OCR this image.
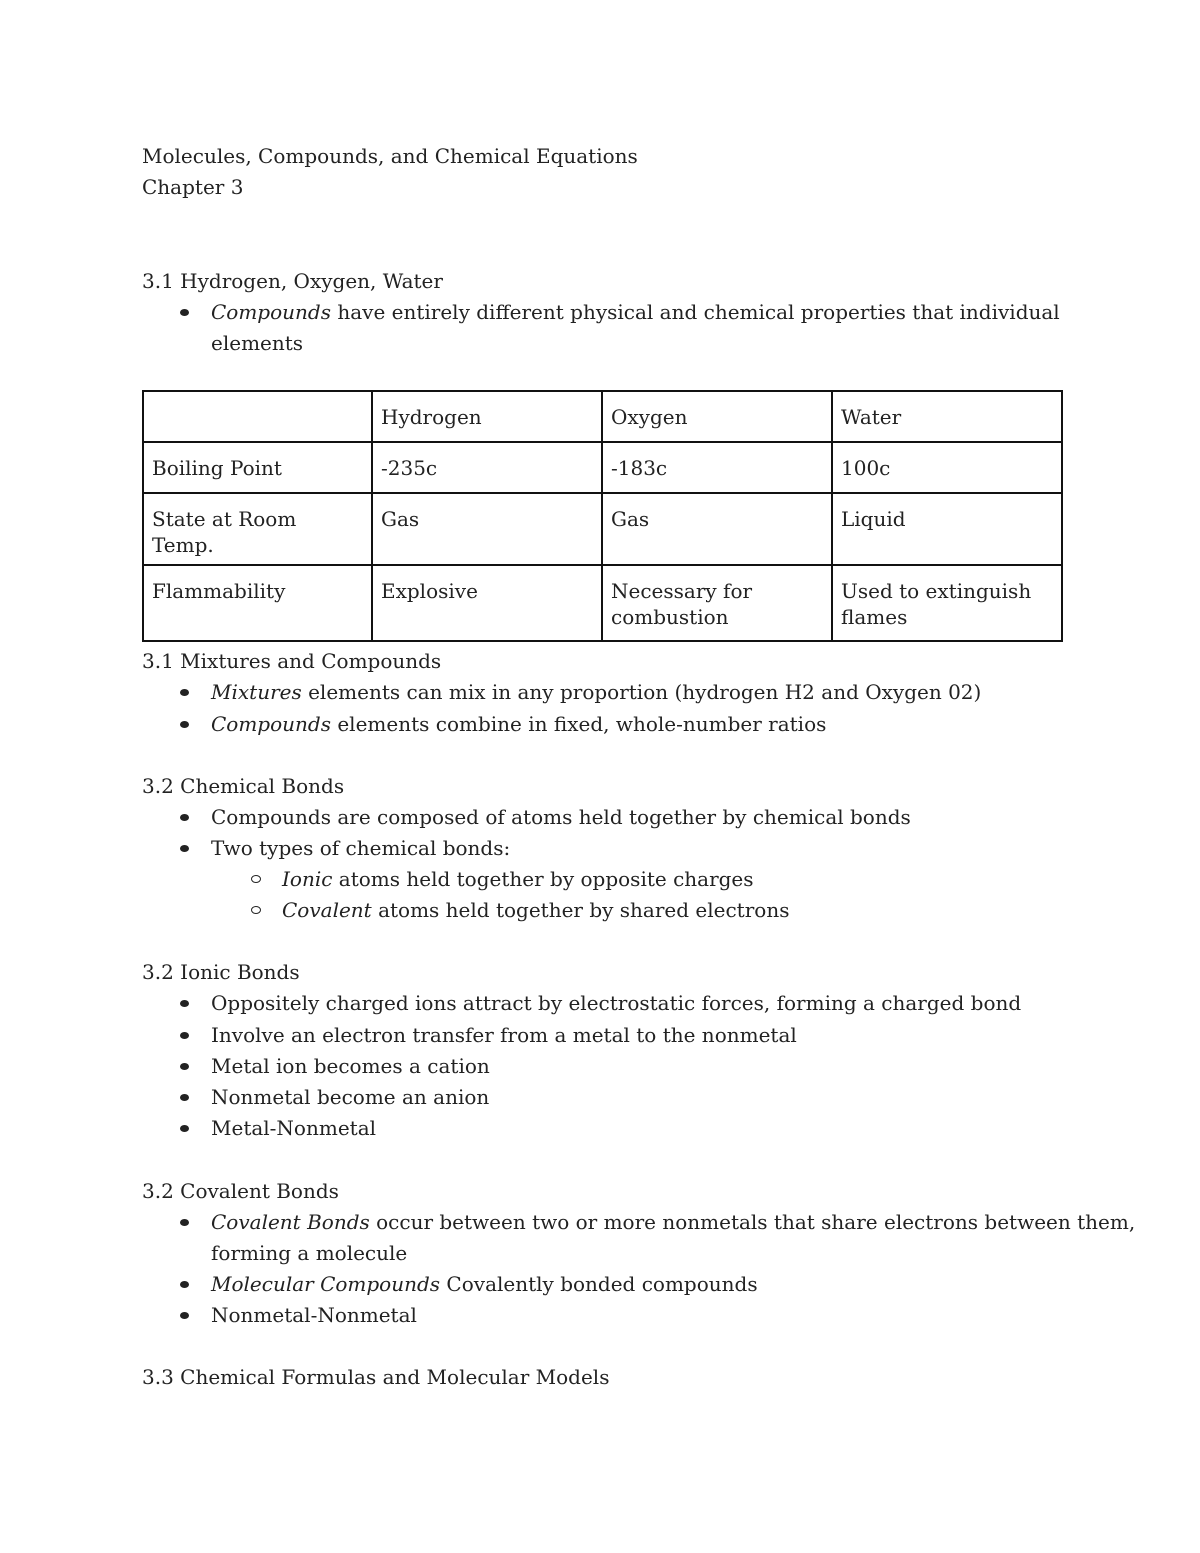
Molecules, Compounds, and Chemical Equations
Chapter 3
3.1 Hydrogen, Oxygen, Water
Compounds have entirely different physical and chemical properties that individual
elements
	Hydrogen	Oxygen	Water
Boiling Point	-235c	-183c	100c
State at Room Temp.	Gas	Gas	Liquid
Flammability	Explosive	Necessary for combustion	Used to extinguish flames
3.1 Mixtures and Compounds
Mixtures elements can mix in any proportion (hydrogen H2 and Oxygen 02)
Compounds elements combine in fixed, whole-number ratios
3.2 Chemical Bonds
Compounds are composed of atoms held together by chemical bonds
Two types of chemical bonds:
Ionic atoms held together by opposite charges
Covalent atoms held together by shared electrons
3.2 Ionic Bonds
Oppositely charged ions attract by electrostatic forces, forming a charged bond
Involve an electron transfer from a metal to the nonmetal
Metal ion becomes a cation
Nonmetal become an anion
Metal-Nonmetal
3.2 Covalent Bonds
Covalent Bonds occur between two or more nonmetals that share electrons between them,
forming a molecule
Molecular Compounds Covalently bonded compounds
Nonmetal-Nonmetal
3.3 Chemical Formulas and Molecular Models
